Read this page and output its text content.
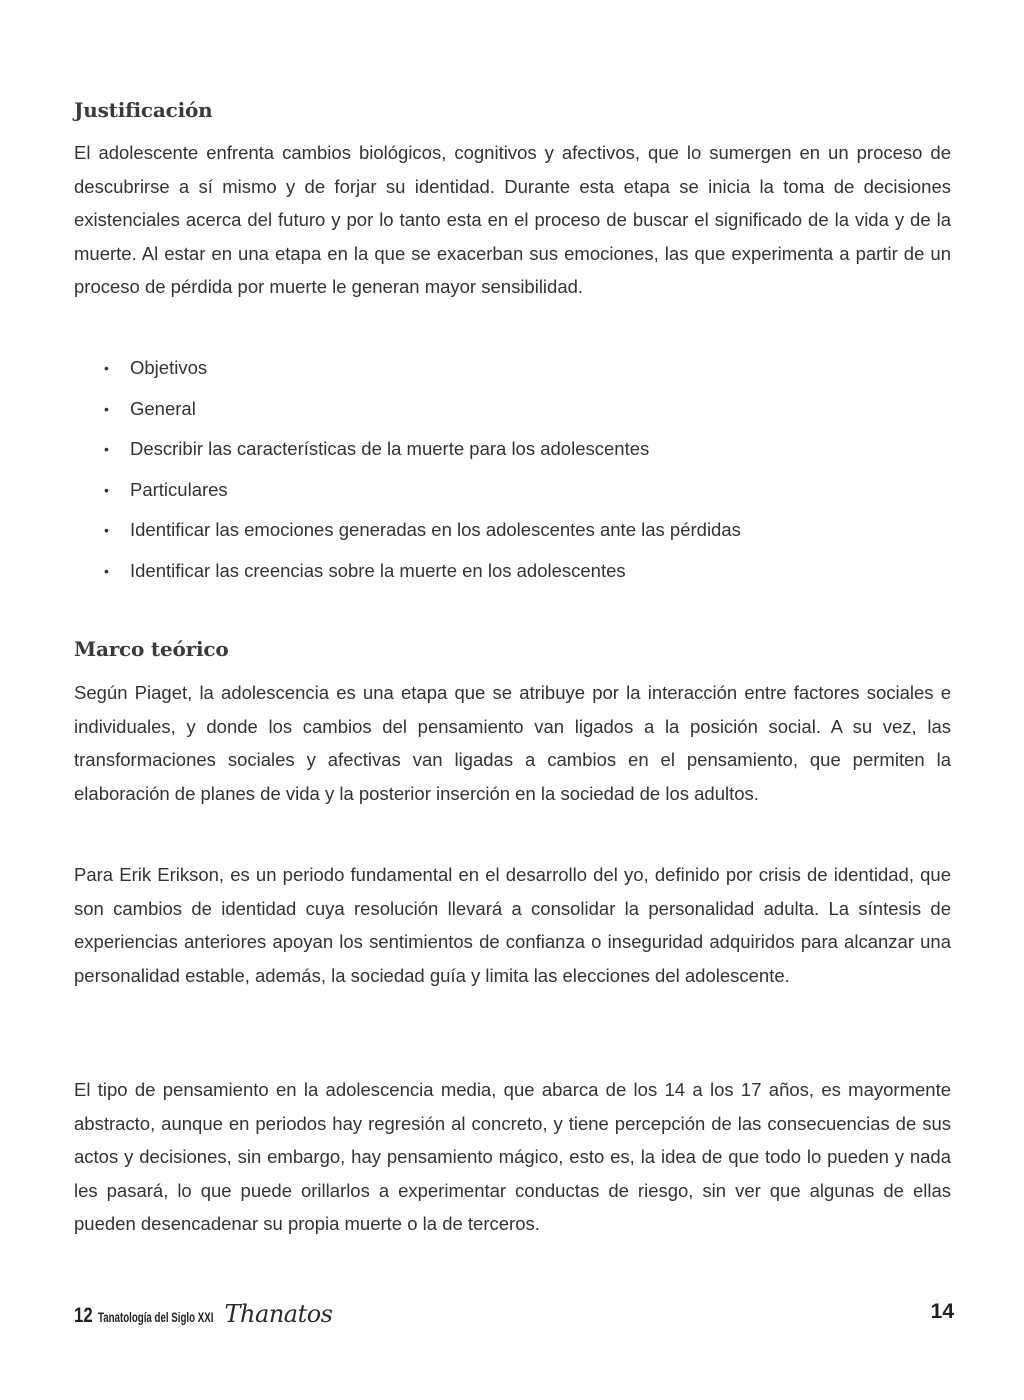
Justificación

El adolescente enfrenta cambios biológicos, cognitivos y afectivos, que lo sumergen en un proceso de descubrirse a sí mismo y de forjar su identidad. Durante esta etapa se inicia la toma de decisiones existenciales acerca del futuro y por lo tanto esta en el proceso de buscar el significado de la vida y de la muerte. Al estar en una etapa en la que se exacerban sus emociones, las que experimenta a partir de un proceso de pérdida por muerte le generan mayor sensibilidad.

• Objetivos
• General
• Describir las características de la muerte para los adolescentes
• Particulares
• Identificar las emociones generadas en los adolescentes ante las pérdidas
• Identificar las creencias sobre la muerte en los adolescentes
Marco teórico

Según Piaget, la adolescencia es una etapa que se atribuye por la interacción entre factores sociales e individuales, y donde los cambios del pensamiento van ligados a la posición social. A su vez, las transformaciones sociales y afectivas van ligadas a cambios en el pensamiento, que permiten la elaboración de planes de vida y la posterior inserción en la sociedad de los adultos.

Para Erik Erikson, es un periodo fundamental en el desarrollo del yo, definido por crisis de identidad, que son cambios de identidad cuya resolución llevará a consolidar la personalidad adulta. La síntesis de experiencias anteriores apoyan los sentimientos de confianza o inseguridad adquiridos para alcanzar una personalidad estable, además, la sociedad guía y limita las elecciones del adolescente.

El tipo de pensamiento en la adolescencia media, que abarca de los 14 a los 17 años, es mayormente abstracto, aunque en periodos hay regresión al concreto, y tiene percepción de las consecuencias de sus actos y decisiones, sin embargo, hay pensamiento mágico, esto es, la idea de que todo lo pueden y nada les pasará, lo que puede orillarlos a experimentar conductas de riesgo, sin ver que algunas de ellas pueden desencadenar su propia muerte o la de terceros.

12 Tanatología del Siglo XXI Thanatos	14
